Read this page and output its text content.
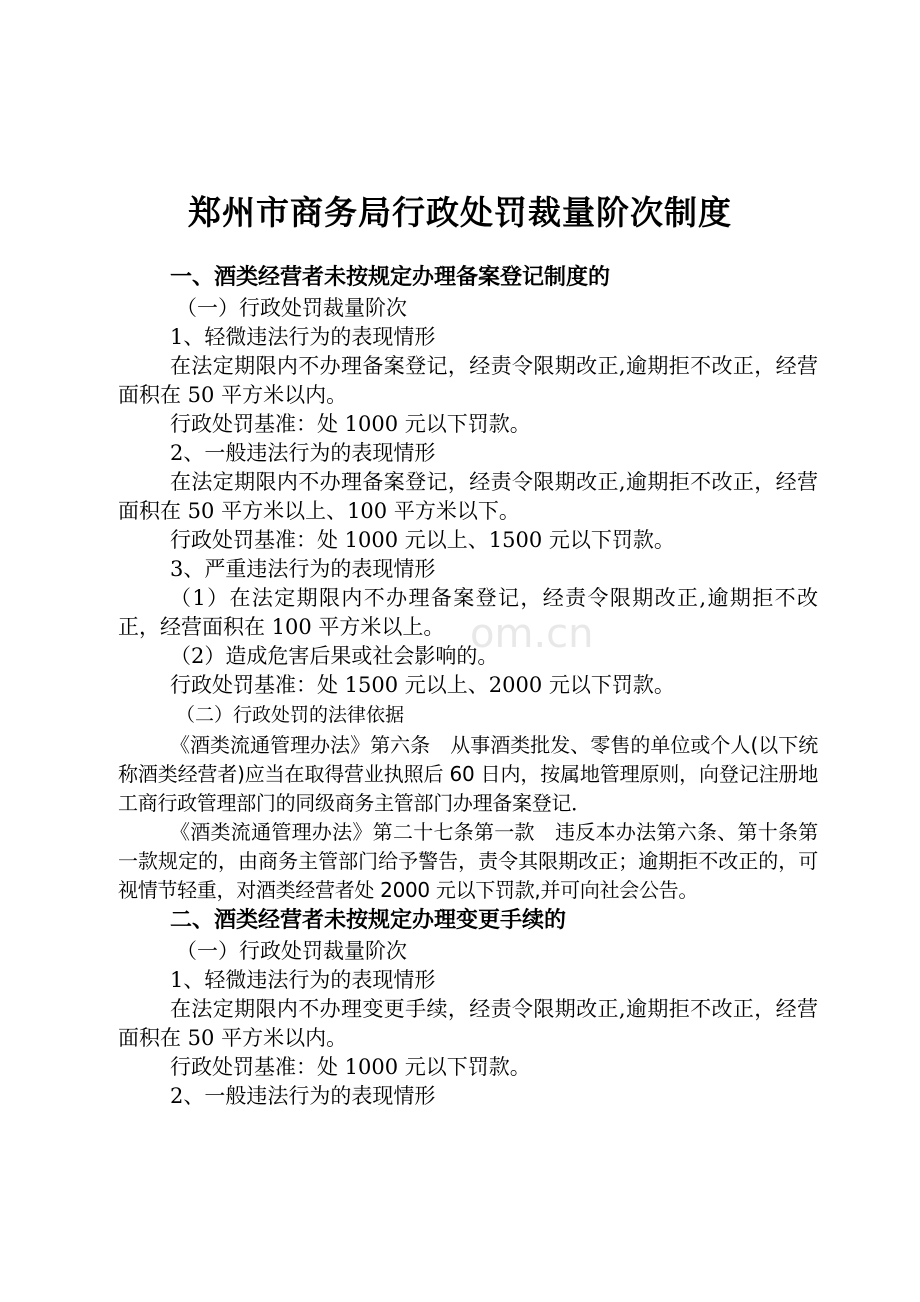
om.cn
郑州市商务局行政处罚裁量阶次制度

一、酒类经营者未按规定办理备案登记制度的

（一）行政处罚裁量阶次

1、轻微违法行为的表现情形

在法定期限内不办理备案登记，经责令限期改正,逾期拒不改正，经营面积在 50 平方米以内。

行政处罚基准：处 1000 元以下罚款。

2、一般违法行为的表现情形

在法定期限内不办理备案登记，经责令限期改正,逾期拒不改正，经营面积在 50 平方米以上、100 平方米以下。

行政处罚基准：处 1000 元以上、1500 元以下罚款。

3、严重违法行为的表现情形

（1）在法定期限内不办理备案登记，经责令限期改正,逾期拒不改正，经营面积在 100 平方米以上。

（2）造成危害后果或社会影响的。

行政处罚基准：处 1500 元以上、2000 元以下罚款。

（二）行政处罚的法律依据

《酒类流通管理办法》第六条　从事酒类批发、零售的单位或个人(以下统称酒类经营者)应当在取得营业执照后 60 日内，按属地管理原则，向登记注册地工商行政管理部门的同级商务主管部门办理备案登记．

《酒类流通管理办法》第二十七条第一款　违反本办法第六条、第十条第一款规定的，由商务主管部门给予警告，责令其限期改正；逾期拒不改正的，可视情节轻重，对酒类经营者处 2000 元以下罚款,并可向社会公告。

二、酒类经营者未按规定办理变更手续的

（一）行政处罚裁量阶次

1、轻微违法行为的表现情形

在法定期限内不办理变更手续，经责令限期改正,逾期拒不改正，经营面积在 50 平方米以内。

行政处罚基准：处 1000 元以下罚款。

2、一般违法行为的表现情形
